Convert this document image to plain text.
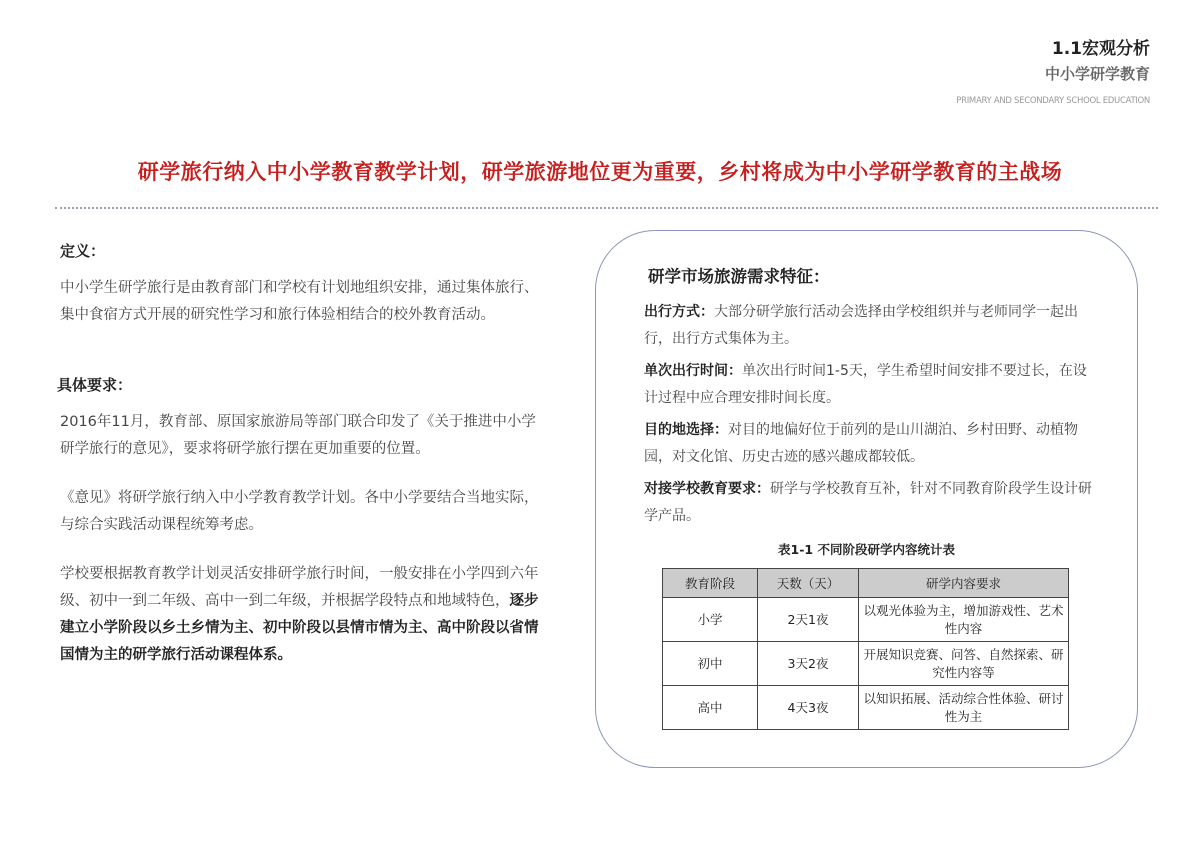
1.1宏观分析
中小学研学教育
PRIMARY AND SECONDARY SCHOOL EDUCATION
研学旅行纳入中小学教育教学计划，研学旅游地位更为重要，乡村将成为中小学研学教育的主战场
定义：

中小学生研学旅行是由教育部门和学校有计划地组织安排，通过集体旅行、集中食宿方式开展的研究性学习和旅行体验相结合的校外教育活动。

具体要求：

2016年11月，教育部、原国家旅游局等部门联合印发了《关于推进中小学研学旅行的意见》，要求将研学旅行摆在更加重要的位置。

《意见》将研学旅行纳入中小学教育教学计划。各中小学要结合当地实际，与综合实践活动课程统筹考虑。

学校要根据教育教学计划灵活安排研学旅行时间，一般安排在小学四到六年级、初中一到二年级、高中一到二年级，并根据学段特点和地域特色，逐步建立小学阶段以乡土乡情为主、初中阶段以县情市情为主、高中阶段以省情国情为主的研学旅行活动课程体系。

研学市场旅游需求特征：

出行方式：大部分研学旅行活动会选择由学校组织并与老师同学一起出行，出行方式集体为主。

单次出行时间：单次出行时间1-5天，学生希望时间安排不要过长，在设计过程中应合理安排时间长度。

目的地选择：对目的地偏好位于前列的是山川湖泊、乡村田野、动植物园，对文化馆、历史古迹的感兴趣成都较低。

对接学校教育要求：研学与学校教育互补，针对不同教育阶段学生设计研学产品。

表1-1 不同阶段研学内容统计表
教育阶段	天数（天）	研学内容要求
小学	2天1夜	以观光体验为主，增加游戏性、艺术性内容
初中	3天2夜	开展知识竞赛、问答、自然探索、研究性内容等
高中	4天3夜	以知识拓展、活动综合性体验、研讨性为主
